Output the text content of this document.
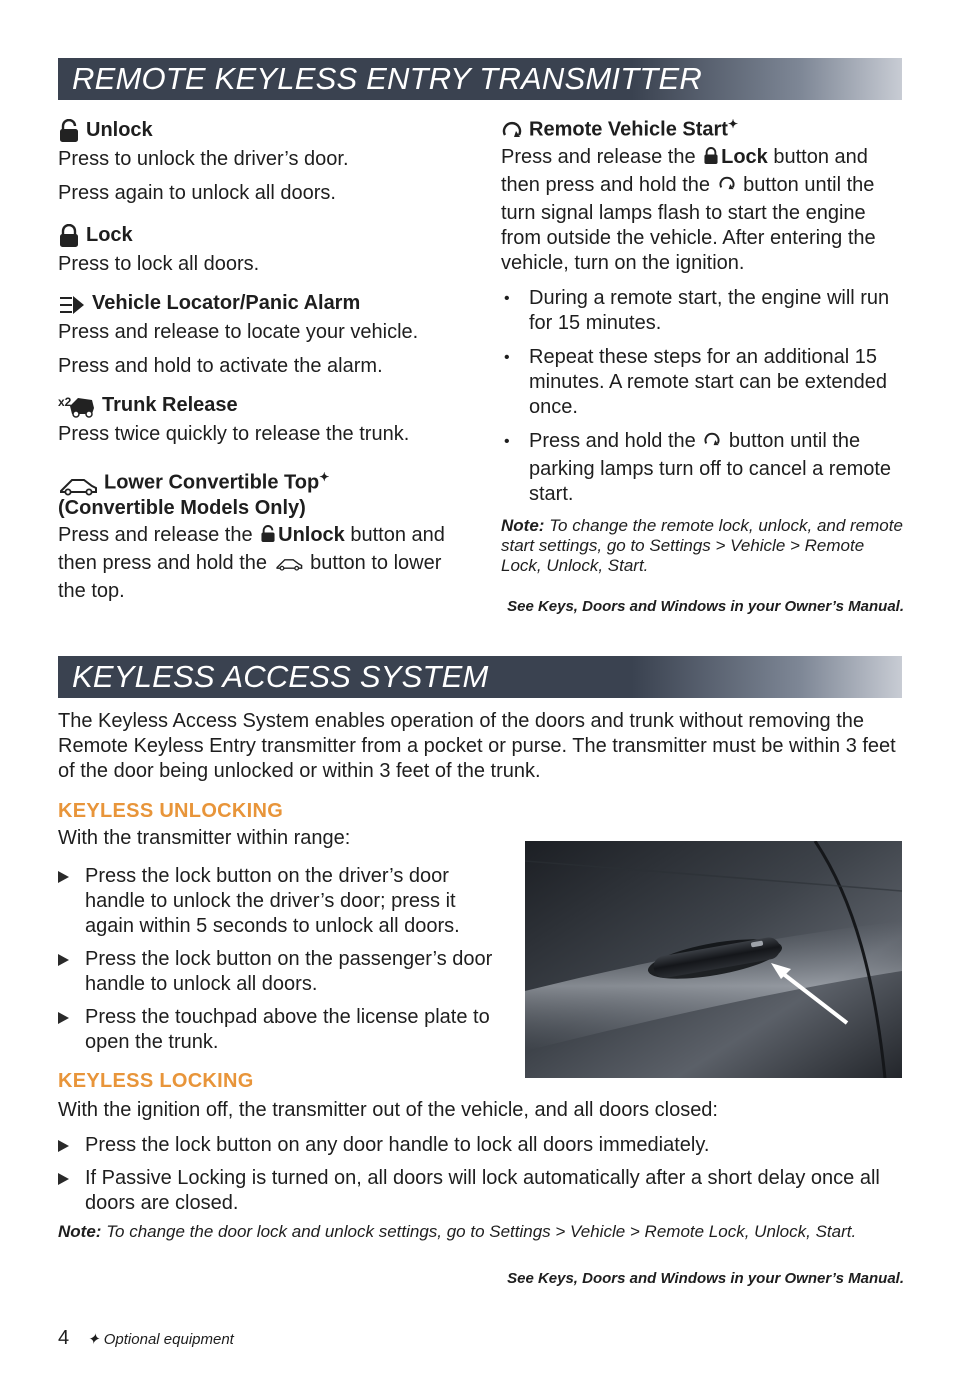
REMOTE KEYLESS ENTRY TRANSMITTER
Unlock
Press to unlock the driver’s door.
Press again to unlock all doors.
Lock
Press to lock all doors.
Vehicle Locator/Panic Alarm
Press and release to locate your vehicle.
Press and hold to activate the alarm.
x2 Trunk Release
Press twice quickly to release the trunk.
Lower Convertible Top✦
(Convertible Models Only)
Press and release the Unlock button and then press and hold the button to lower the top.
Remote Vehicle Start✦
Press and release the Lock button and then press and hold the button until the turn signal lamps flash to start the engine from outside the vehicle. After entering the vehicle, turn on the ignition.
• During a remote start, the engine will run for 15 minutes.
• Repeat these steps for an additional 15 minutes. A remote start can be extended once.
• Press and hold the button until the parking lamps turn off to cancel a remote start.
Note: To change the remote lock, unlock, and remote start settings, go to Settings > Vehicle > Remote Lock, Unlock, Start.
See Keys, Doors and Windows in your Owner’s Manual.
KEYLESS ACCESS SYSTEM
The Keyless Access System enables operation of the doors and trunk without removing the Remote Keyless Entry transmitter from a pocket or purse. The transmitter must be within 3 feet of the door being unlocked or within 3 feet of the trunk.
KEYLESS UNLOCKING
With the transmitter within range:
Press the lock button on the driver’s door handle to unlock the driver’s door; press it again within 5 seconds to unlock all doors.
Press the lock button on the passenger’s door handle to unlock all doors.
Press the touchpad above the license plate to open the trunk.
KEYLESS LOCKING
With the ignition off, the transmitter out of the vehicle, and all doors closed:
Press the lock button on any door handle to lock all doors immediately.
If Passive Locking is turned on, all doors will lock automatically after a short delay once all doors are closed.
Note: To change the door lock and unlock settings, go to Settings > Vehicle > Remote Lock, Unlock, Start.
See Keys, Doors and Windows in your Owner’s Manual.
4 ✦ Optional equipment
